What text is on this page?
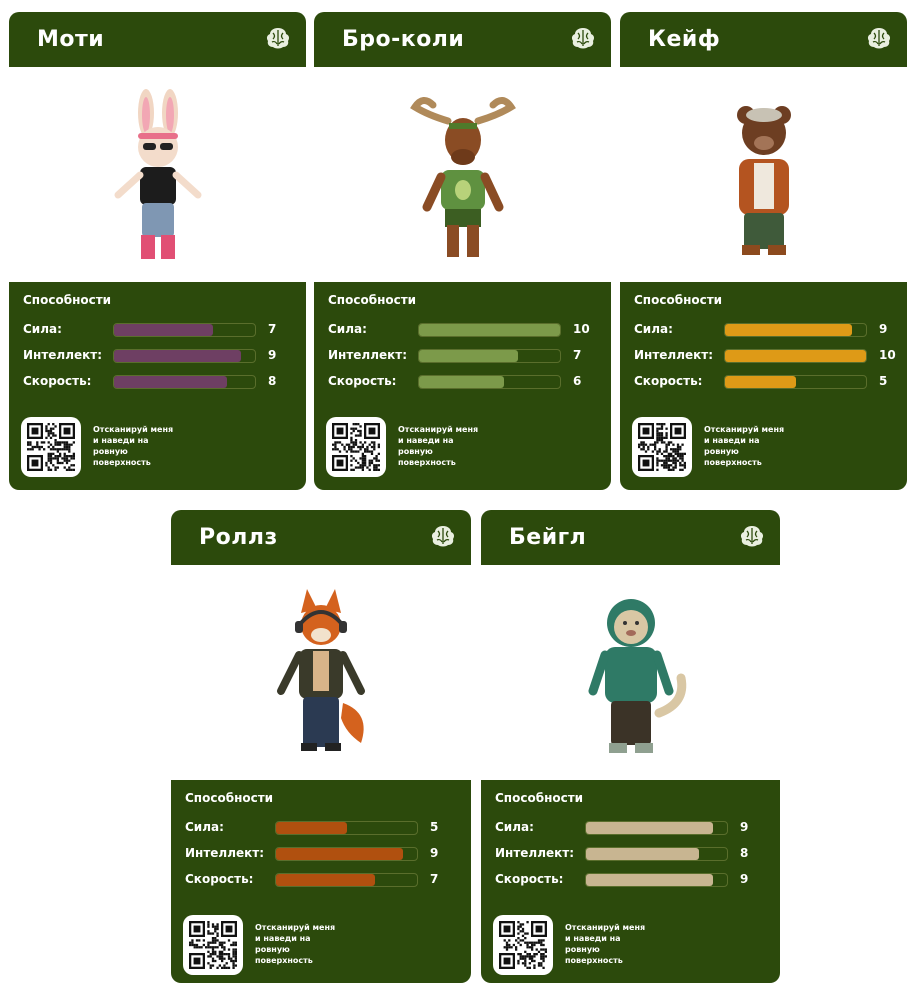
Моти
Способности
Сила:	7
Интеллект:	9
Скорость:	8
Отсканируй меня
и наведи на
ровную
поверхность
Бро-коли
Способности
Сила:	10
Интеллект:	7
Скорость:	6
Отсканируй меня
и наведи на
ровную
поверхность
Кейф
Способности
Сила:	9
Интеллект:	10
Скорость:	5
Отсканируй меня
и наведи на
ровную
поверхность
Роллз
Способности
Сила:	5
Интеллект:	9
Скорость:	7
Отсканируй меня
и наведи на
ровную
поверхность
Бейгл
Способности
Сила:	9
Интеллект:	8
Скорость:	9
Отсканируй меня
и наведи на
ровную
поверхность
